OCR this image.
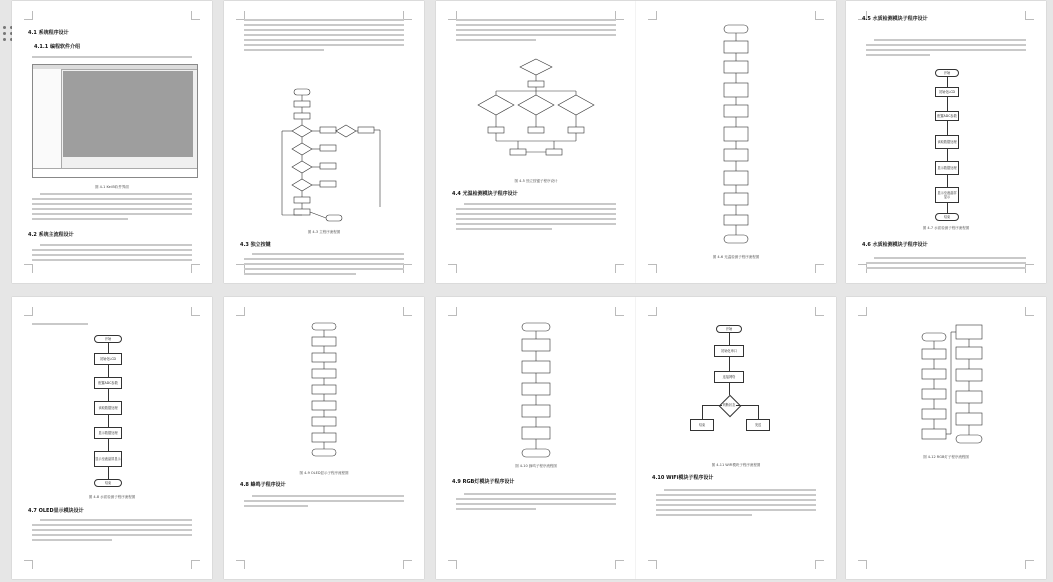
4.1 系统程序设计
4.1.1 编程软件介绍
图 4-1 Keil5软件界面
4.2 系统主流程设计	图 4-3 主程序流程图
4.3 独立按键
图 4-5 独立按键子程序设计
4.4 光温检测模块子程序设计
图 4-6 光温检测子程序流程图
4.5 水质检测模块子程序设计
开始
初始化LCD
配置ADC参数
读取数据处理
显示数据处理
显示至液晶屏显示
结束
图 4-7 水质检测子程序流程图
4.6 水质检测模块子程序设计
开始
初始化LCD
配置ADC参数
读取数据处理
显示数据处理
显示至液晶屏显示
结束
图 4-8 水质检测子程序流程图
4.7 OLED显示模块设计
图 4-9 OLED显示子程序流程图
4.8 蜂鸣子程序设计
图 4-10 蜂鸣子程序流程图
4.9 RGB灯模块子程序设计
开始
初始化串口
连接网络
判断状态
结束	发送
图 4-11 WiFi模块子程序流程图
4.10 WiFi模块子程序设计
图 4-12 RGB灯子程序流程图
